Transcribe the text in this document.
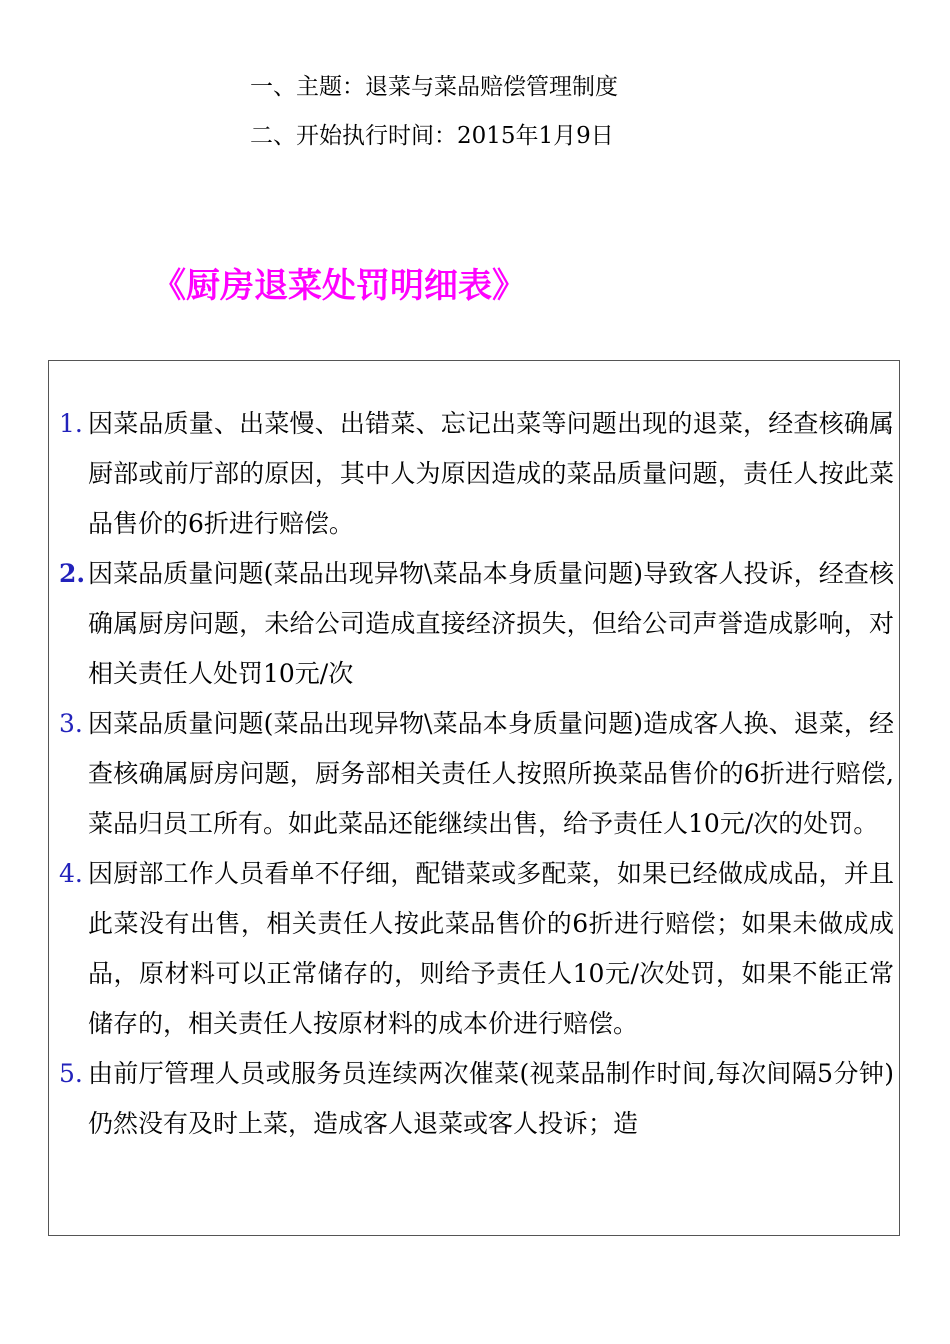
一、主题：退菜与菜品赔偿管理制度
二、开始执行时间：2015年1月9日
《厨房退菜处罚明细表》
1. 因菜品质量、出菜慢、出错菜、忘记出菜等问题出现的退菜，经查核确属厨部或前厅部的原因，其中人为原因造成的菜品质量问题，责任人按此菜品售价的6折进行赔偿。
2. 因菜品质量问题(菜品出现异物\菜品本身质量问题)导致客人投诉，经查核确属厨房问题，未给公司造成直接经济损失，但给公司声誉造成影响，对相关责任人处罚10元/次
3. 因菜品质量问题(菜品出现异物\菜品本身质量问题)造成客人换、退菜，经查核确属厨房问题，厨务部相关责任人按照所换菜品售价的6折进行赔偿,菜品归员工所有。如此菜品还能继续出售，给予责任人10元/次的处罚。
4. 因厨部工作人员看单不仔细，配错菜或多配菜，如果已经做成成品，并且此菜没有出售，相关责任人按此菜品售价的6折进行赔偿；如果未做成成品，原材料可以正常储存的，则给予责任人10元/次处罚，如果不能正常储存的，相关责任人按原材料的成本价进行赔偿。
5. 由前厅管理人员或服务员连续两次催菜(视菜品制作时间,每次间隔5分钟)仍然没有及时上菜，造成客人退菜或客人投诉；造
